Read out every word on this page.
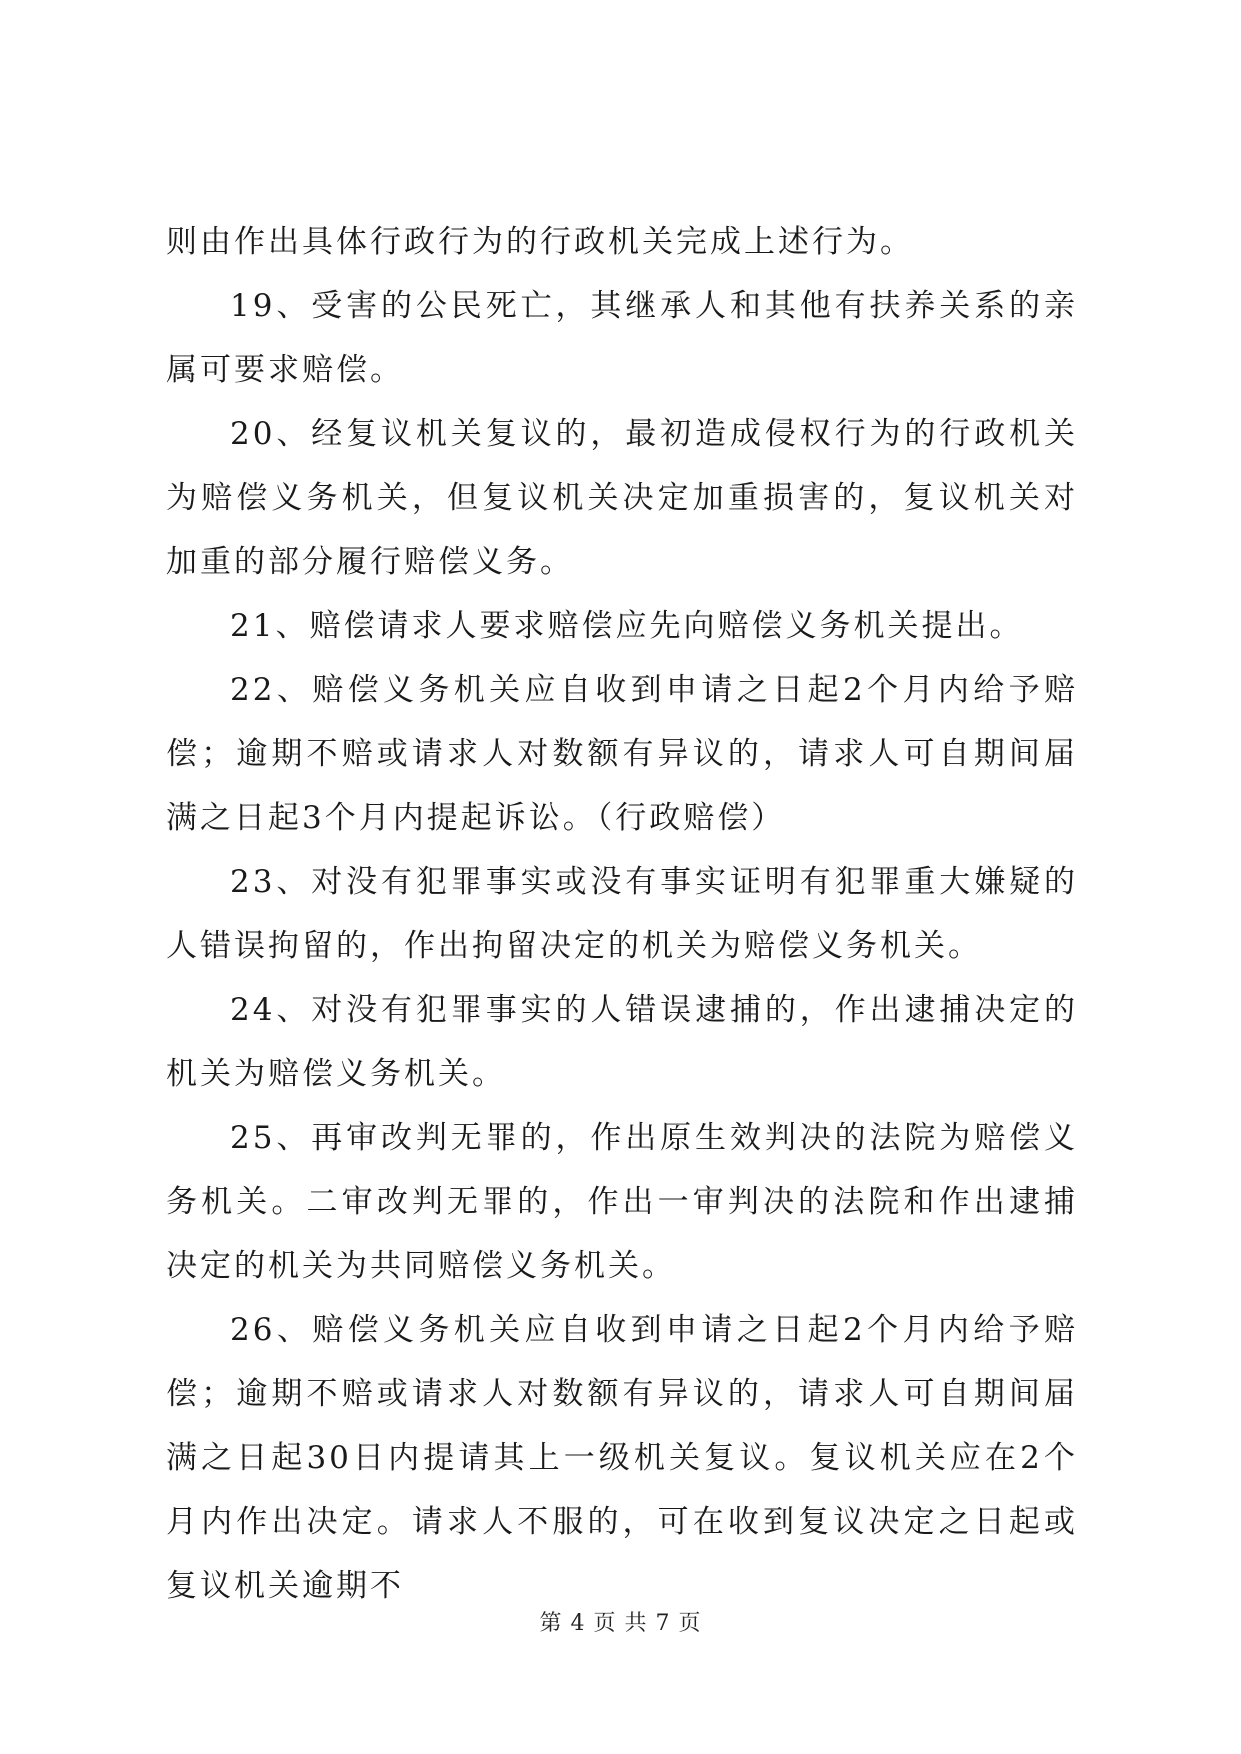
则由作出具体行政行为的行政机关完成上述行为。

19、受害的公民死亡，其继承人和其他有扶养关系的亲属可要求赔偿。

20、经复议机关复议的，最初造成侵权行为的行政机关为赔偿义务机关，但复议机关决定加重损害的，复议机关对加重的部分履行赔偿义务。

21、赔偿请求人要求赔偿应先向赔偿义务机关提出。

22、赔偿义务机关应自收到申请之日起2个月内给予赔偿；逾期不赔或请求人对数额有异议的，请求人可自期间届满之日起3个月内提起诉讼。（行政赔偿）

23、对没有犯罪事实或没有事实证明有犯罪重大嫌疑的人错误拘留的，作出拘留决定的机关为赔偿义务机关。

24、对没有犯罪事实的人错误逮捕的，作出逮捕决定的机关为赔偿义务机关。

25、再审改判无罪的，作出原生效判决的法院为赔偿义务机关。二审改判无罪的，作出一审判决的法院和作出逮捕决定的机关为共同赔偿义务机关。

26、赔偿义务机关应自收到申请之日起2个月内给予赔偿；逾期不赔或请求人对数额有异议的，请求人可自期间届满之日起30日内提请其上一级机关复议。复议机关应在2个月内作出决定。请求人不服的，可在收到复议决定之日起或复议机关逾期不

第 4 页 共 7 页
